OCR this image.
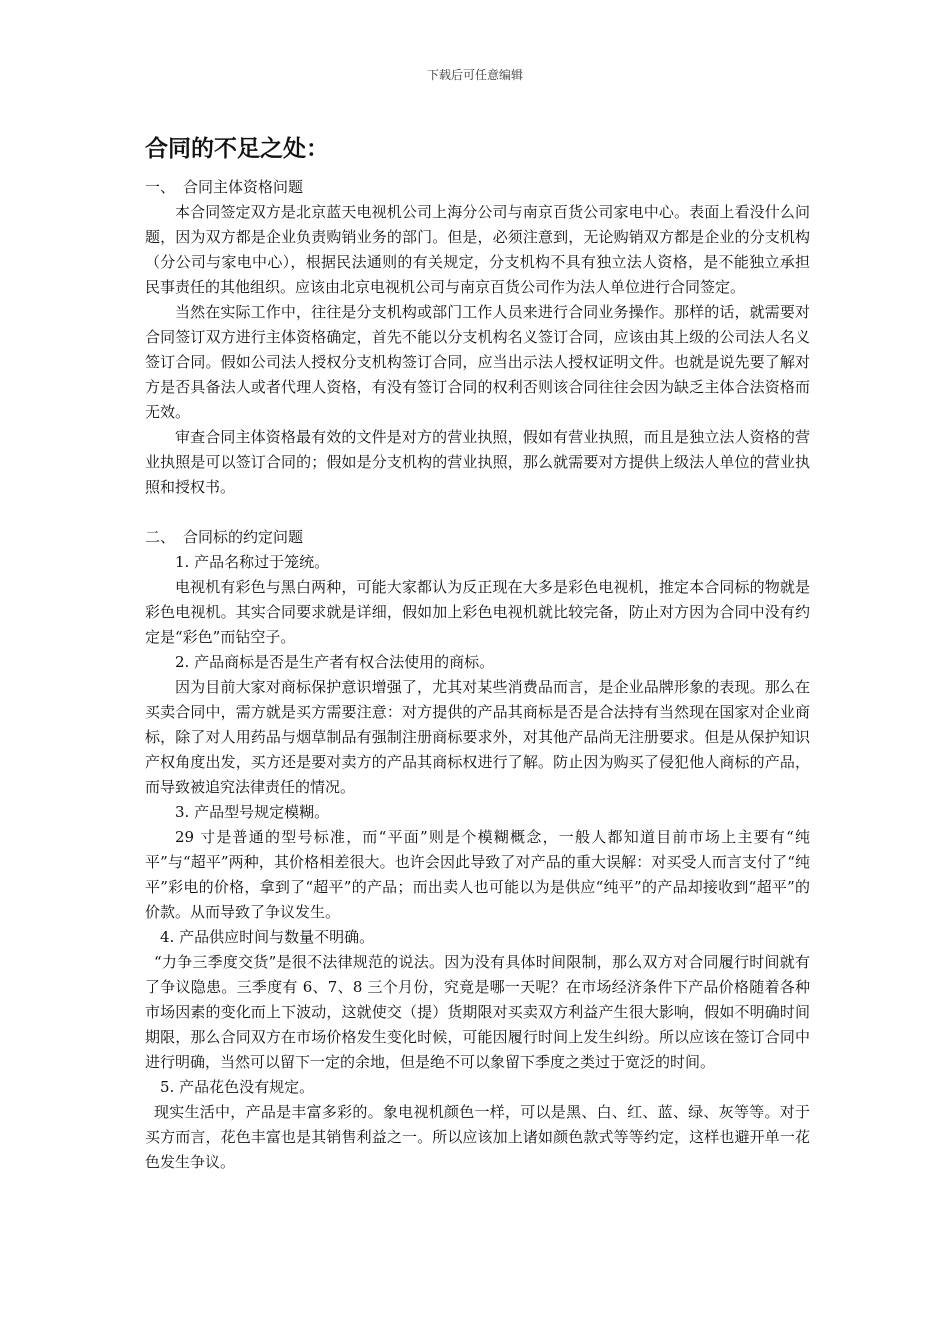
下载后可任意编辑
合同的不足之处：
一、 合同主体资格问题

本合同签定双方是北京蓝天电视机公司上海分公司与南京百货公司家电中心。表面上看没什么问题，因为双方都是企业负责购销业务的部门。但是，必须注意到，无论购销双方都是企业的分支机构（分公司与家电中心），根据民法通则的有关规定，分支机构不具有独立法人资格，是不能独立承担民事责任的其他组织。应该由北京电视机公司与南京百货公司作为法人单位进行合同签定。

当然在实际工作中，往往是分支机构或部门工作人员来进行合同业务操作。那样的话，就需要对合同签订双方进行主体资格确定，首先不能以分支机构名义签订合同，应该由其上级的公司法人名义签订合同。假如公司法人授权分支机构签订合同，应当出示法人授权证明文件。也就是说先要了解对方是否具备法人或者代理人资格，有没有签订合同的权利否则该合同往往会因为缺乏主体合法资格而无效。

审查合同主体资格最有效的文件是对方的营业执照，假如有营业执照，而且是独立法人资格的营业执照是可以签订合同的；假如是分支机构的营业执照，那么就需要对方提供上级法人单位的营业执照和授权书。

二、 合同标的约定问题

1. 产品名称过于笼统。

电视机有彩色与黑白两种，可能大家都认为反正现在大多是彩色电视机，推定本合同标的物就是彩色电视机。其实合同要求就是详细，假如加上彩色电视机就比较完备，防止对方因为合同中没有约定是“彩色”而钻空子。

2. 产品商标是否是生产者有权合法使用的商标。

因为目前大家对商标保护意识增强了，尤其对某些消费品而言，是企业品牌形象的表现。那么在买卖合同中，需方就是买方需要注意：对方提供的产品其商标是否是合法持有当然现在国家对企业商标，除了对人用药品与烟草制品有强制注册商标要求外，对其他产品尚无注册要求。但是从保护知识产权角度出发，买方还是要对卖方的产品其商标权进行了解。防止因为购买了侵犯他人商标的产品，而导致被追究法律责任的情况。

3. 产品型号规定模糊。

29 寸是普通的型号标准，而“平面”则是个模糊概念，一般人都知道目前市场上主要有“纯平”与“超平”两种，其价格相差很大。也许会因此导致了对产品的重大误解：对买受人而言支付了“纯平”彩电的价格，拿到了“超平”的产品；而出卖人也可能以为是供应“纯平”的产品却接收到“超平”的价款。从而导致了争议发生。

4. 产品供应时间与数量不明确。

“力争三季度交货”是很不法律规范的说法。因为没有具体时间限制，那么双方对合同履行时间就有了争议隐患。三季度有 6、7、8 三个月份，究竟是哪一天呢？在市场经济条件下产品价格随着各种市场因素的变化而上下波动，这就使交（提）货期限对买卖双方利益产生很大影响，假如不明确时间期限，那么合同双方在市场价格发生变化时候，可能因履行时间上发生纠纷。所以应该在签订合同中进行明确，当然可以留下一定的余地，但是绝不可以象留下季度之类过于宽泛的时间。

5. 产品花色没有规定。

现实生活中，产品是丰富多彩的。象电视机颜色一样，可以是黑、白、红、蓝、绿、灰等等。对于买方而言，花色丰富也是其销售利益之一。所以应该加上诸如颜色款式等等约定，这样也避开单一花色发生争议。
